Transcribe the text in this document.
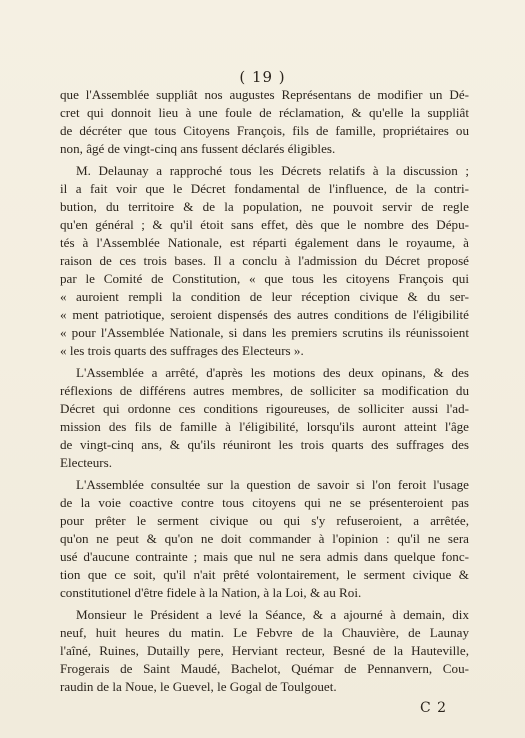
( 19 )
que l'Assemblée suppliât nos augustes Représentans de modifier un Dé-
cret qui donnoit lieu à une foule de réclamation, & qu'elle la suppliât
de décréter que tous Citoyens François, fils de famille, propriétaires ou
non, âgé de vingt-cinq ans fussent déclarés éligibles.
M. Delaunay a rapproché tous les Décrets relatifs à la discussion ;
il a fait voir que le Décret fondamental de l'influence, de la contri-
bution, du territoire & de la population, ne pouvoit servir de regle
qu'en général ; & qu'il étoit sans effet, dès que le nombre des Dépu-
tés à l'Assemblée Nationale, est réparti également dans le royaume, à
raison de ces trois bases. Il a conclu à l'admission du Décret proposé
par le Comité de Constitution, « que tous les citoyens François qui
« auroient rempli la condition de leur réception civique & du ser-
« ment patriotique, seroient dispensés des autres conditions de l'éligibilité
« pour l'Assemblée Nationale, si dans les premiers scrutins ils réunissoient
« les trois quarts des suffrages des Electeurs ».
L'Assemblée a arrêté, d'après les motions des deux opinans, & des
réflexions de différens autres membres, de solliciter sa modification du
Décret qui ordonne ces conditions rigoureuses, de solliciter aussi l'ad-
mission des fils de famille à l'éligibilité, lorsqu'ils auront atteint l'âge
de vingt-cinq ans, & qu'ils réuniront les trois quarts des suffrages des
Electeurs.
L'Assemblée consultée sur la question de savoir si l'on feroit l'usage
de la voie coactive contre tous citoyens qui ne se présenteroient pas
pour prêter le serment civique ou qui s'y refuseroient, a arrêtée,
qu'on ne peut & qu'on ne doit commander à l'opinion : qu'il ne sera
usé d'aucune contrainte ; mais que nul ne sera admis dans quelque fonc-
tion que ce soit, qu'il n'ait prêté volontairement, le serment civique &
constitutionel d'être fidele à la Nation, à la Loi, & au Roi.
Monsieur le Président a levé la Séance, & a ajourné à demain, dix
neuf, huit heures du matin. Le Febvre de la Chauvière, de Launay
l'aîné, Ruines, Dutailly pere, Herviant recteur, Besné de la Hauteville,
Frogerais de Saint Maudé, Bachelot, Quémar de Pennanvern, Cou-
raudin de la Noue, le Guevel, le Gogal de Toulgouet.
C 2
